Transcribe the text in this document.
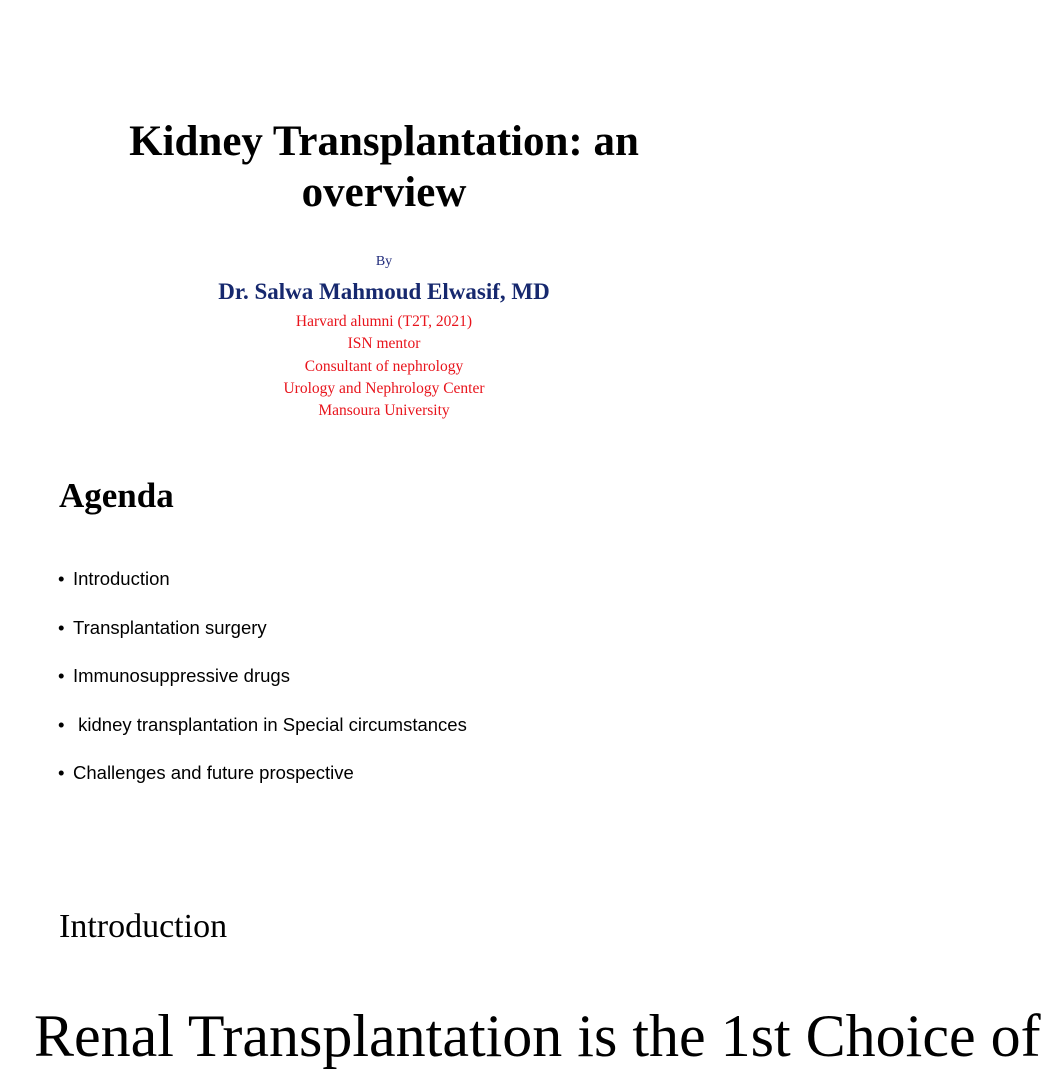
Kidney Transplantation: an
overview
By
Dr. Salwa Mahmoud Elwasif, MD
Harvard alumni (T2T, 2021)
ISN mentor
Consultant of nephrology
Urology and Nephrology Center
Mansoura University
Agenda
• Introduction
• Transplantation surgery
• Immunosuppressive drugs
• kidney transplantation in Special circumstances
• Challenges and future prospective
Introduction
Renal Transplantation is the 1st Choice of
